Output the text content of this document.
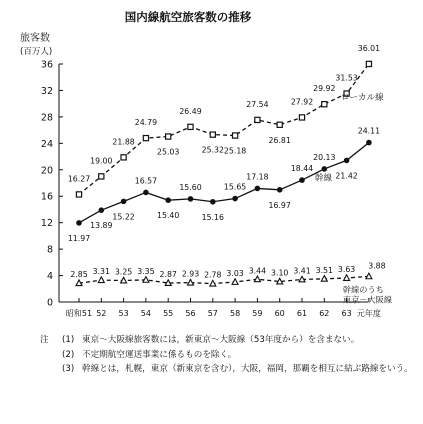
国内線航空旅客数の推移
旅客数
(百万人)
0
4
8
12
16
20
24
28
32
36
昭和51 52 53 54 55 56 57 58 59 60 61 62 63 元年度
16.27
19.00
21.88
24.79
25.03
26.49
25.32 25.18
27.54
26.81
27.92
29.92
31.53
36.01
11.97
13.89
15.22
16.57
15.40
15.60
15.16
15.65
17.18
16.97
18.44
20.13
21.42
24.11
2.85 3.31 3.25 3.35 2.87 2.93 2.78 3.03 3.44 3.10 3.41 3.51 3.63 3.88
ローカル線
幹線
幹線のうち
東京－大阪線
注	(1) 東京～大阪線旅客数には，新東京～大阪線（53年度から）を含まない。
(2) 不定期航空運送事業に係るものを除く。
(3) 幹線とは，札幌，東京（新東京を含む），大阪，福岡，那覇を相互に結ぶ路線をいう。
